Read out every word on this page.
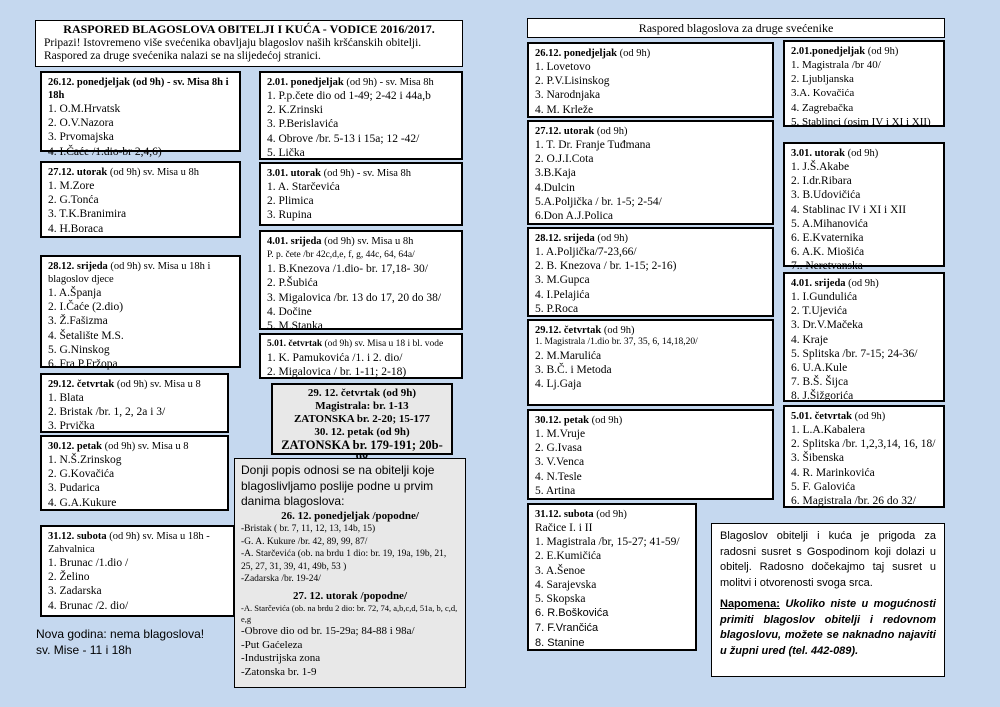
RASPORED BLAGOSLOVA OBITELJI I KUĆA - VODICE 2016/2017.
Pripazi! Istovremeno više svećenika obavljaju blagoslov naših kršćanskih obitelji.
Raspored za druge svećenika nalazi se na slijedećoj stranici.
26.12. ponedjeljak (od 9h) - sv. Misa 8h i 18h
1. O.M.Hrvatsk
2. O.V.Nazora
3. Prvomajska
4. I.Čaće /1.dio-br 2,4,6)
27.12. utorak (od 9h) sv. Misa u 8h
1. M.Zore
2. G.Tonća
3. T.K.Branimira
4. H.Boraca
28.12. srijeda (od 9h) sv. Misa u 18h i blagoslov djece
1. A.Španja
2. I.Čaće (2.dio)
3. Ž.Fašizma
4. Šetalište M.S.
5. G.Ninskog
6. Fra P.Fržopa
29.12. četvrtak (od 9h) sv. Misa u 8
1. Blata
2. Bristak /br. 1, 2, 2a i 3/
3. Prvička
30.12. petak (od 9h) sv. Misa u 8
1. N.Š.Zrinskog
2. G.Kovačića
3. Pudarica
4. G.A.Kukure
31.12. subota (od 9h) sv. Misa u 18h - Zahvalnica
1. Brunac /1.dio /
2. Želino
3. Zadarska
4. Brunac /2. dio/
Nova godina: nema blagoslova!
sv. Mise - 11 i 18h
2.01. ponedjeljak (od 9h) - sv. Misa 8h
1. P.p.čete dio od 1-49; 2-42 i 44a,b
2. K.Zrinski
3. P.Berislavića
4. Obrove /br. 5-13 i 15a; 12 -42/
5. Lička
3.01. utorak (od 9h) - sv. Misa 8h
1. A. Starčevića
2. Plimica
3. Rupina
4.01. srijeda (od 9h) sv. Misa u 8h
P. p. čete /br 42c,d,e, f, g, 44c, 64, 64a/
1. B.Knezova /1.dio- br. 17,18- 30/
2. P.Šubića
3. Migalovica /br. 13 do 17, 20 do 38/
4. Dočine
5. M.Stanka
5.01. četvrtak (od 9h) sv. Misa u 18 i bl. vode
1. K. Pamukovića /1. i 2. dio/
2. Migalovica / br. 1-11; 2-18)
29. 12. četvrtak (od 9h)
Magistrala: br. 1-13
ZATONSKA br. 2-20; 15-177
30. 12. petak (od 9h)
ZATONSKA br. 179-191; 20b-
Donji popis odnosi se na obitelji koje blagoslivljamo poslije podne u prvim danima blagoslova:
26. 12. ponedjeljak /popodne/
-Bristak ( br. 7, 11, 12, 13, 14b, 15)
-G. A. Kukure /br. 42, 89, 99, 87/
-A. Starčevića (ob. na brdu 1 dio: br. 19, 19a, 19b, 21, 25, 27, 31, 39, 41, 49b, 53 )
-Zadarska /br. 19-24/
27. 12. utorak /popodne/
-A. Starčevića (ob. na brdu 2 dio: br. 72, 74, a,b,c,d, 51a, b, c,d, e,g
-Obrove dio od br. 15-29a; 84-88 i 98a/
-Put Gaćeleza
-Industrijska zona
-Zatonska br. 1-9
Raspored blagoslova za druge svećenike
26.12. ponedjeljak (od 9h)
1. Lovetovo
2. P.V.Lisinskog
3. Narodnjaka
4. M. Krleže
27.12. utorak (od 9h)
1. T. Dr. Franje Tuđmana
2. O.J.I.Cota
3.B.Kaja
4.Dulcin
5.A.Poljička / br. 1-5; 2-54/
6.Don A.J.Polica
28.12. srijeda (od 9h)
1. A.Poljička/7-23,66/
2. B. Knezova / br. 1-15; 2-16)
3. M.Gupca
4. I.Pelajića
5. P.Roca
29.12. četvrtak (od 9h)
1. Magistrala /1.dio br. 37, 35, 6, 14,18,20/
2. M.Marulića
3. B.Č. i Metoda
4. Lj.Gaja
30.12. petak (od 9h)
1. M.Vruje
2. G.Ivasa
3. V.Venca
4. N.Tesle
5. Artina
31.12. subota (od 9h)
Račice I. i II
1. Magistrala /br, 15-27; 41-59/
2. E.Kumičića
3. A.Šenoe
4. Sarajevska
5. Skopska
6. R.Boškovića
7. F.Vrančića
8. Stanine
2.01.ponedjeljak (od 9h)
1. Magistrala /br 40/
2. Ljubljanska
3.A. Kovačića
4. Zagrebačka
5. Stablinci (osim IV i XI i XII)
3.01. utorak (od 9h)
1. J.Š.Akabe
2. I.dr.Ribara
3. B.Udovičića
4. Stablinac IV i XI i XII
5. A.Mihanovića
6. E.Kvaternika
6. A.K. Miošića
7.. Neretvanska
4.01. srijeda (od 9h)
1. I.Gundulića
2. T.Ujevića
3. Dr.V.Mačeka
4. Kraje
5. Splitska /br. 7-15; 24-36/
6. U.A.Kule
7. B.Š. Šijca
8. J.Šižgorića
5.01. četvrtak (od 9h)
1. L.A.Kabalera
2. Splitska /br. 1,2,3,14, 16, 18/
3. Šibenska
4. R. Marinkovića
5. F. Galovića
6. Magistrala /br. 26 do 32/
Blagoslov obitelji i kuća je prigoda za radosni susret s Gospodinom koji dolazi u obitelj. Radosno dočekajmo taj susret u molitvi i otvorenosti svoga srca.
Napomena: Ukoliko niste u mogućnosti primiti blagoslov obitelji i redovnom blagoslovu, možete se naknadno najaviti u župni ured (tel. 442-089).
